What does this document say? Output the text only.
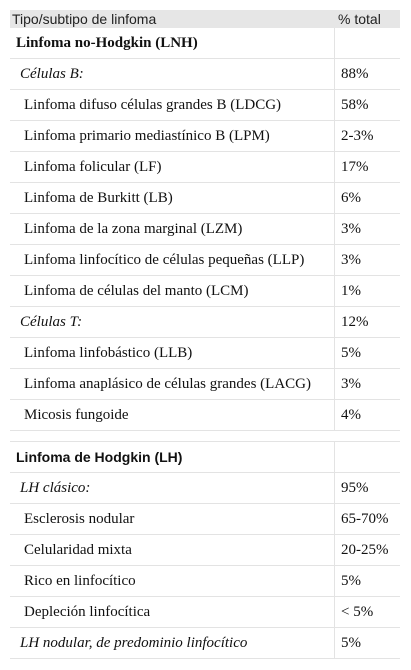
Tipo/subtipo de linfoma	% total
Linfoma no-Hodgkin (LNH)
Células B:	88%
Linfoma difuso células grandes B (LDCG)	58%
Linfoma primario mediastínico B (LPM)	2-3%
Linfoma folicular (LF)	17%
Linfoma de Burkitt (LB)	6%
Linfoma de la zona marginal (LZM)	3%
Linfoma linfocítico de células pequeñas (LLP)	3%
Linfoma de células del manto (LCM)	1%
Células T:	12%
Linfoma linfobástico (LLB)	5%
Linfoma anaplásico de células grandes (LACG)	3%
Micosis fungoide	4%
Linfoma de Hodgkin (LH)
LH clásico:	95%
Esclerosis nodular	65-70%
Celularidad mixta	20-25%
Rico en linfocítico	5%
Depleción linfocítica	< 5%
LH nodular, de predominio linfocítico	5%
